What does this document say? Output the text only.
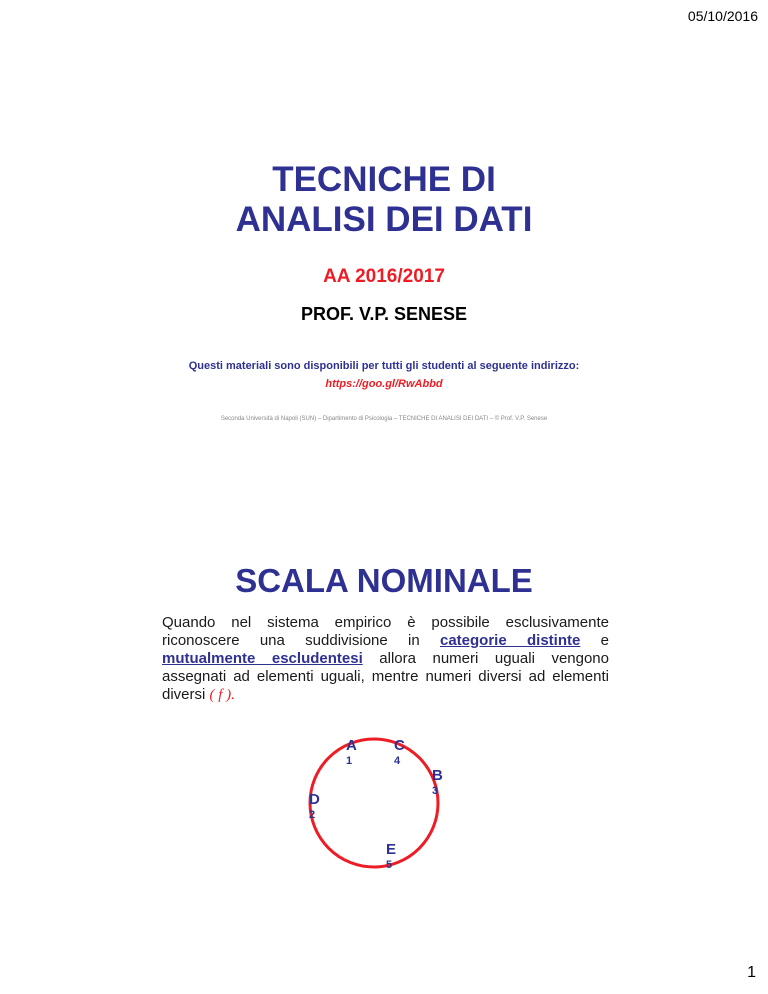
05/10/2016
TECNICHE DI
ANALISI DEI DATI
AA 2016/2017
PROF. V.P. SENESE
Questi materiali sono disponibili per tutti gli studenti al seguente indirizzo:
https://goo.gl/RwAbbd
Seconda Università di Napoli (SUN) – Dipartimento di Psicologia – TECNICHE DI ANALISI DEI DATI – © Prof. V.P. Senese
SCALA NOMINALE

Quando nel sistema empirico è possibile esclusivamente riconoscere una suddivisione in categorie distinte e mutualmente escludentesi allora numeri uguali vengono assegnati ad elementi uguali, mentre numeri diversi ad elementi diversi ( f ).

A
1
C
4
B
3
D
2
E
5
1
